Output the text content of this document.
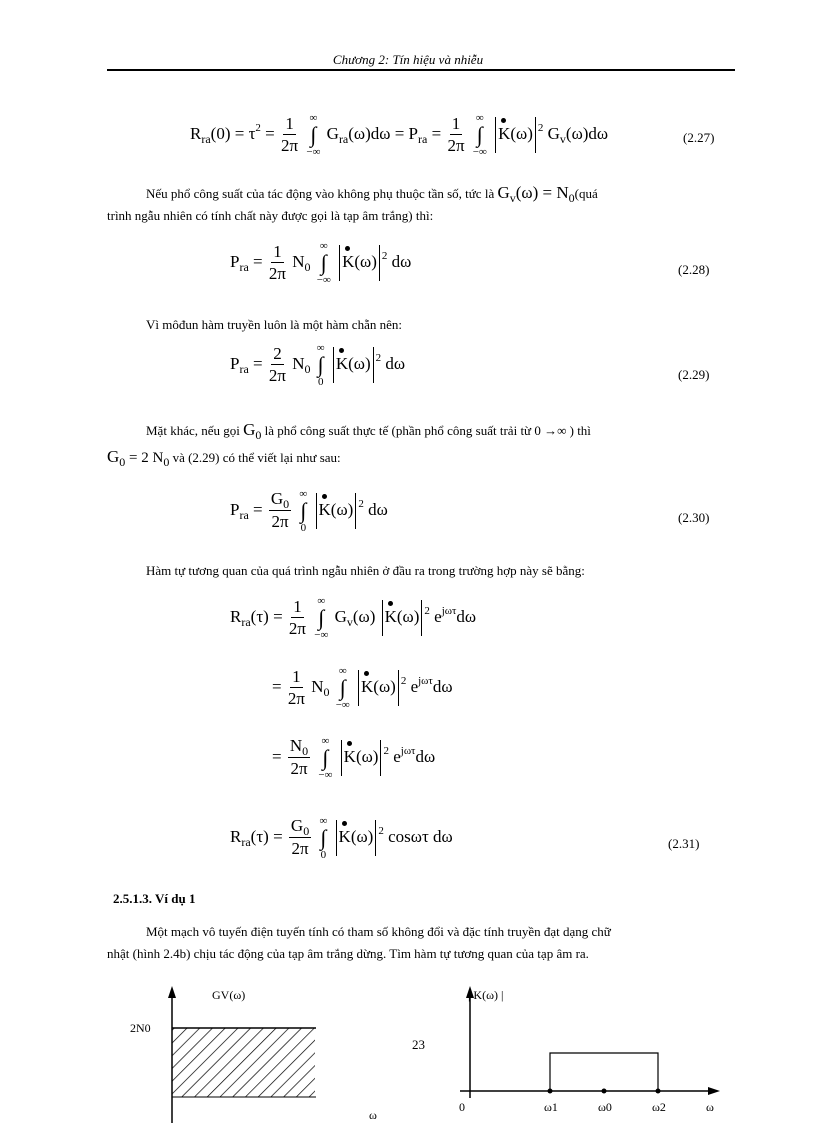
Chương 2: Tín hiệu và nhiễu
$R_{ra}(0) = \tau^2 = \frac{1}{2\pi}$
∞
∫
−∞
$G_{ra}(\omega)d\omega = P_{ra} = \frac{1}{2\pi}$
∞
∫
−∞
K(ω) $^2$ $G_v(\omega)d\omega$	(2.27)
Nếu phổ công suất của tác động vào không phụ thuộc tần số, tức là Gv(ω) = N0(quá
trình ngẫu nhiên có tính chất này được gọi là tạp âm trắng) thì:
$P_{ra} = \frac{1}{2\pi} N_0$
∞
∫
−∞
K(ω) $^2$ dω	(2.28)
Vì môđun hàm truyền luôn là một hàm chẵn nên:
$P_{ra} = \frac{2}{2\pi} N_0$
∞
∫
0
K(ω) $^2$ dω
(2.29)
Mặt khác, nếu gọi G0 là phổ công suất thực tế (phần phổ công suất trải từ 0 →∞ ) thì
G0 = 2 N0 và (2.29) có thể viết lại như sau:
$P_{ra} = \frac{G_0}{2\pi}$
∞
∫
0
K(ω) $^2$ dω	(2.30)
Hàm tự tương quan của quá trình ngẫu nhiên ở đầu ra trong trường hợp này sẽ bằng:
$R_{ra}(\tau) = \frac{1}{2\pi}$
∞
∫
−∞
$G_v(\omega)$ K(ω) $^2$ $e^{j\omega\tau}d\omega$
= $\frac{1}{2\pi} N_0$
∞
∫
−∞
K(ω) $^2$ $e^{j\omega\tau}d\omega$
= $\frac{N_0}{2\pi}$
∞
∫
−∞
K(ω) $^2$ $e^{j\omega\tau}d\omega$
$R_{ra}(\tau) = \frac{G_0}{2\pi}$
∞
∫
0
K(ω) $^2$ cosωτ dω	(2.31)
2.5.1.3. Ví dụ 1
Một mạch vô tuyến điện tuyến tính có tham số không đổi và đặc tính truyền đạt dạng chữ
nhật (hình 2.4b) chịu tác động của tạp âm trắng dừng. Tìm hàm tự tương quan của tạp âm ra.
GV(ω)
2N0
ω
23
| K(ω) |
0	ω1	ω0	ω2	ω
